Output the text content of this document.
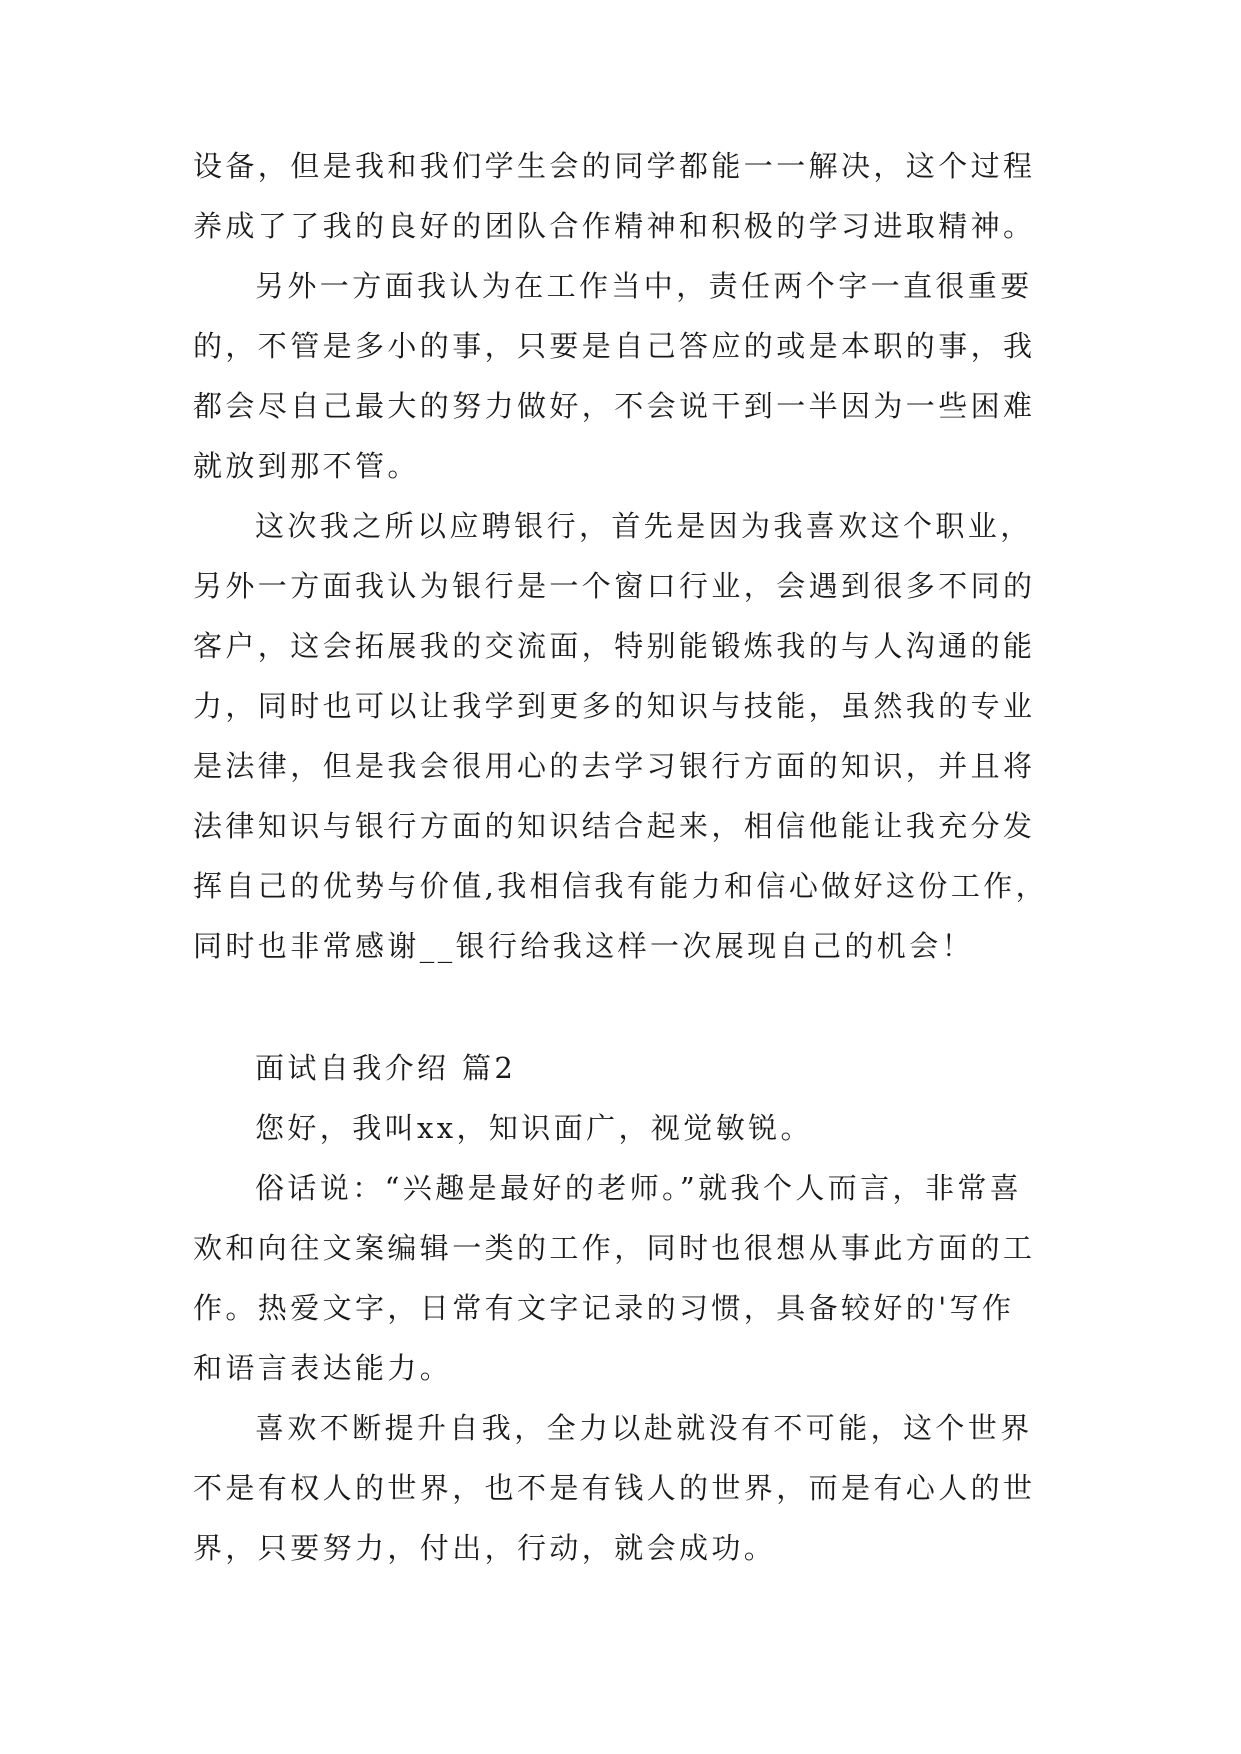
设备，但是我和我们学生会的同学都能一一解决，这个过程
养成了了我的良好的团队合作精神和积极的学习进取精神。
另外一方面我认为在工作当中，责任两个字一直很重要
的，不管是多小的事，只要是自己答应的或是本职的事，我
都会尽自己最大的努力做好，不会说干到一半因为一些困难
就放到那不管。
这次我之所以应聘银行，首先是因为我喜欢这个职业，
另外一方面我认为银行是一个窗口行业，会遇到很多不同的
客户，这会拓展我的交流面，特别能锻炼我的与人沟通的能
力，同时也可以让我学到更多的知识与技能，虽然我的专业
是法律，但是我会很用心的去学习银行方面的知识，并且将
法律知识与银行方面的知识结合起来，相信他能让我充分发
挥自己的优势与价值,我相信我有能力和信心做好这份工作，
同时也非常感谢__银行给我这样一次展现自己的机会！
面试自我介绍 篇2
您好，我叫xx，知识面广，视觉敏锐。
俗话说：“兴趣是最好的老师。”就我个人而言，非常喜
欢和向往文案编辑一类的工作，同时也很想从事此方面的工
作。热爱文字，日常有文字记录的习惯，具备较好的'写作
和语言表达能力。
喜欢不断提升自我，全力以赴就没有不可能，这个世界
不是有权人的世界，也不是有钱人的世界，而是有心人的世
界，只要努力，付出，行动，就会成功。
